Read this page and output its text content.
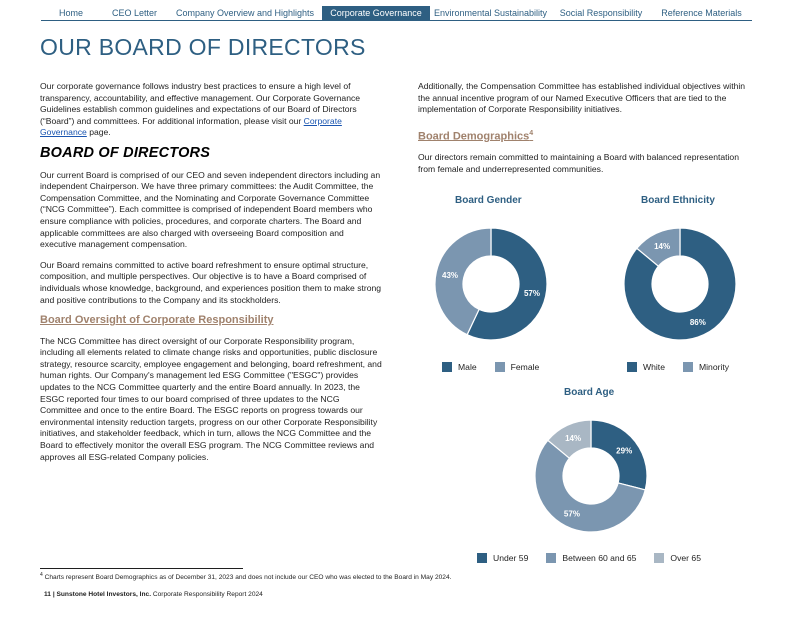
Home	CEO Letter	Company Overview and Highlights	Corporate Governance	Environmental Sustainability	Social Responsibility	Reference Materials
OUR BOARD OF DIRECTORS

Our corporate governance follows industry best practices to ensure a high level of transparency, accountability, and effective management. Our Corporate Governance Guidelines establish common guidelines and expectations of our Board of Directors (“Board”) and committees. For additional information, please visit our Corporate Governance page.

BOARD OF DIRECTORS

Our current Board is comprised of our CEO and seven independent directors including an independent Chairperson. We have three primary committees: the Audit Committee, the Compensation Committee, and the Nominating and Corporate Governance Committee (“NCG Committee”). Each committee is comprised of independent Board members who ensure compliance with policies, procedures, and corporate charters. The Board and applicable committees are also charged with overseeing Board composition and executive management compensation.

Our Board remains committed to active board refreshment to ensure optimal structure, composition, and multiple perspectives. Our objective is to have a Board comprised of individuals whose knowledge, background, and experiences position them to make strong and positive contributions to the Company and its stockholders.

Board Oversight of Corporate Responsibility

The NCG Committee has direct oversight of our Corporate Responsibility program, including all elements related to climate change risks and opportunities, public disclosure strategy, resource scarcity, employee engagement and belonging, board refreshment, and human rights. Our Company's management led ESG Committee ("ESGC") provides updates to the NCG Committee quarterly and the entire Board annually. In 2023, the ESGC reported four times to our board comprised of three updates to the NCG Committee and once to the entire Board. The ESGC reports on progress towards our environmental intensity reduction targets, progress on our other Corporate Responsibility initiatives, and stakeholder feedback, which in turn, allows the NCG Committee and the Board to effectively monitor the overall ESG program. The NCG Committee reviews and approves all ESG-related Company policies.

Additionally, the Compensation Committee has established individual objectives within the annual incentive program of our Named Executive Officers that are tied to the implementation of Corporate Responsibility initiatives.

Board Demographics$^4$

Our directors remain committed to maintaining a Board with balanced representation from female and underrepresented communities.

Board Gender	Board Ethnicity
Board Age
57%
43%
86%
14%
29%
57%
14%
Male	Female	White	Minority
Under 59	Between 60 and 65	Over 65
$^4$ Charts represent Board Demographics as of December 31, 2023 and does not include our CEO who was elected to the Board in May 2024.
11 | Sunstone Hotel Investors, Inc. Corporate Responsibility Report 2024
